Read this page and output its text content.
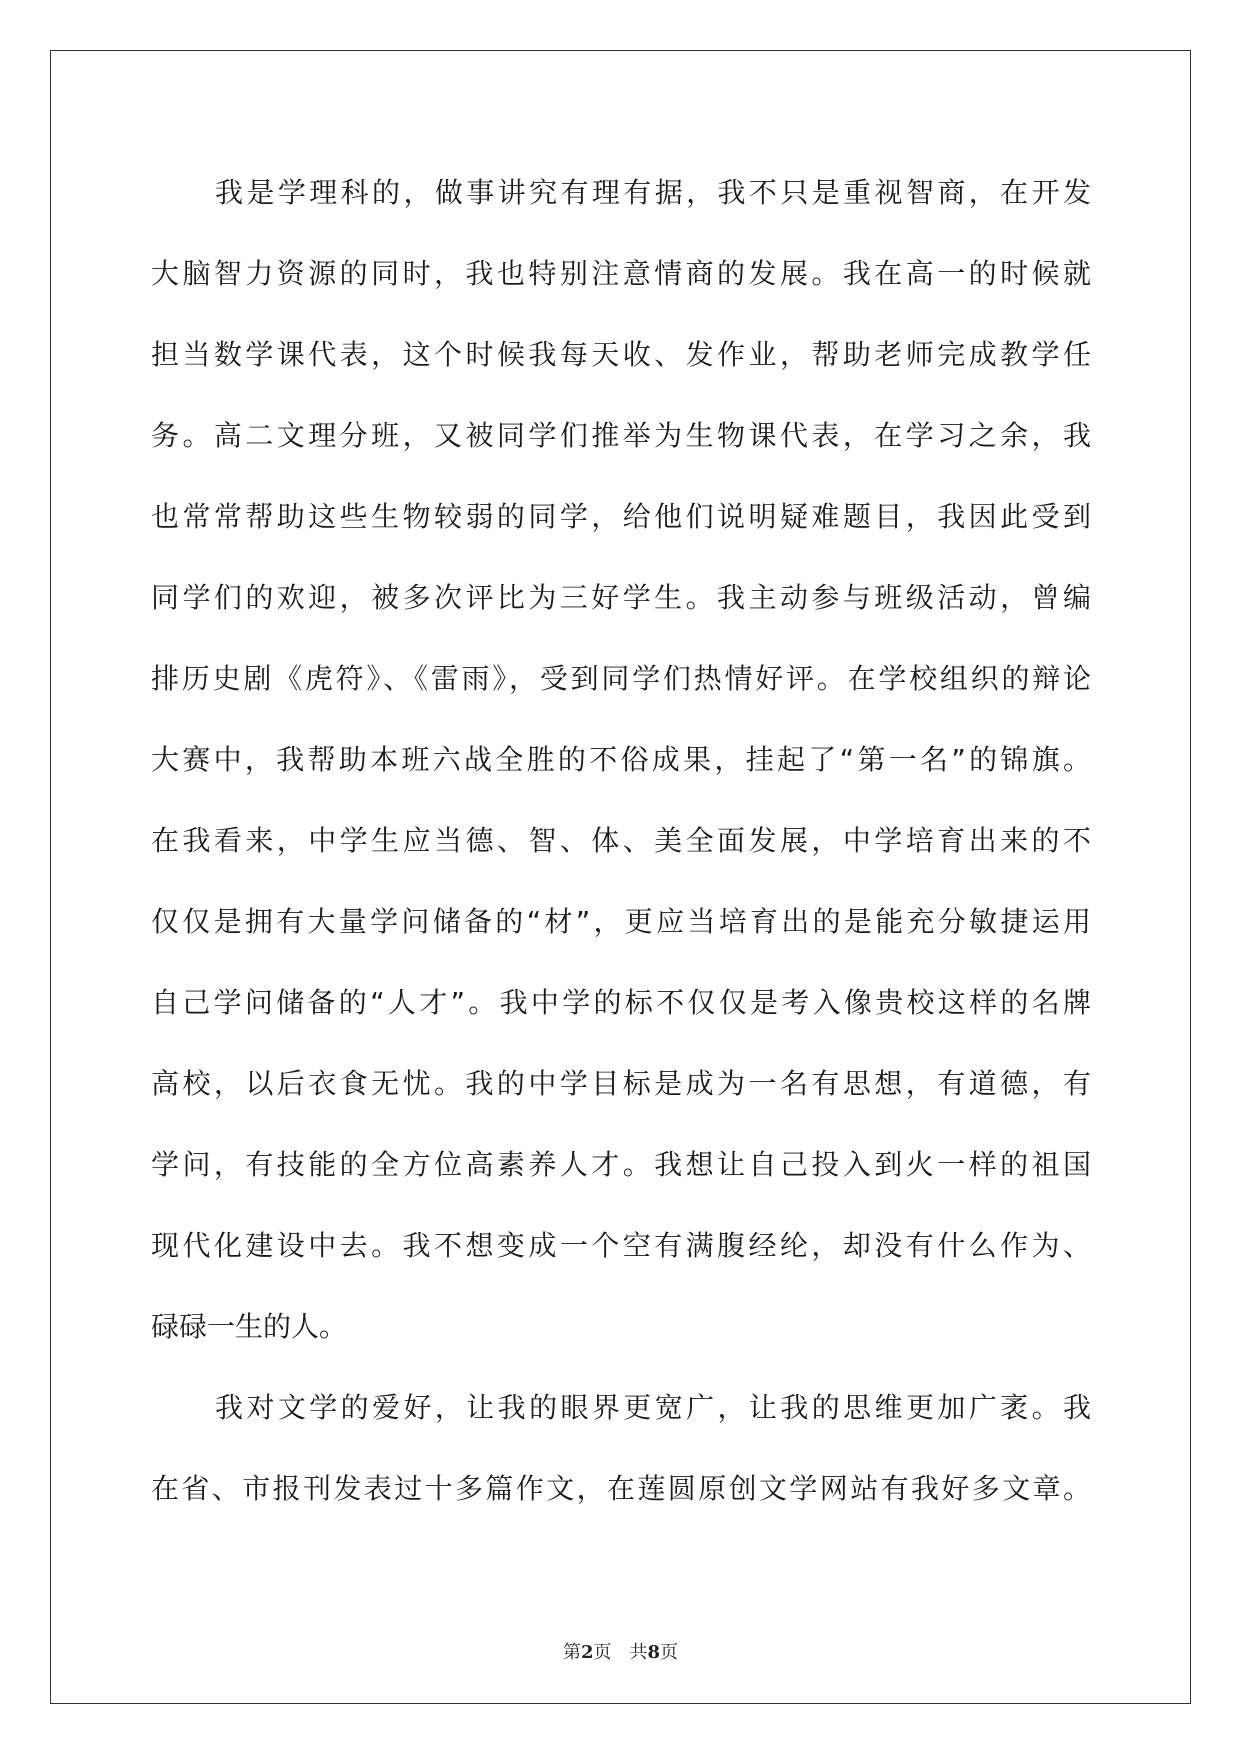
我是学理科的，做事讲究有理有据，我不只是重视智商，在开发
大脑智力资源的同时，我也特别注意情商的发展。我在高一的时候就
担当数学课代表，这个时候我每天收、发作业，帮助老师完成教学任
务。高二文理分班，又被同学们推举为生物课代表，在学习之余，我
也常常帮助这些生物较弱的同学，给他们说明疑难题目，我因此受到
同学们的欢迎，被多次评比为三好学生。我主动参与班级活动，曾编
排历史剧《虎符》、《雷雨》，受到同学们热情好评。在学校组织的辩论
大赛中，我帮助本班六战全胜的不俗成果，挂起了“第一名”的锦旗。
在我看来，中学生应当德、智、体、美全面发展，中学培育出来的不
仅仅是拥有大量学问储备的“材”，更应当培育出的是能充分敏捷运用
自己学问储备的“人才”。我中学的标不仅仅是考入像贵校这样的名牌
高校，以后衣食无忧。我的中学目标是成为一名有思想，有道德，有
学问，有技能的全方位高素养人才。我想让自己投入到火一样的祖国
现代化建设中去。我不想变成一个空有满腹经纶，却没有什么作为、
碌碌一生的人。
我对文学的爱好，让我的眼界更宽广，让我的思维更加广袤。我
在省、市报刊发表过十多篇作文，在莲圆原创文学网站有我好多文章。
第2页 共8页
